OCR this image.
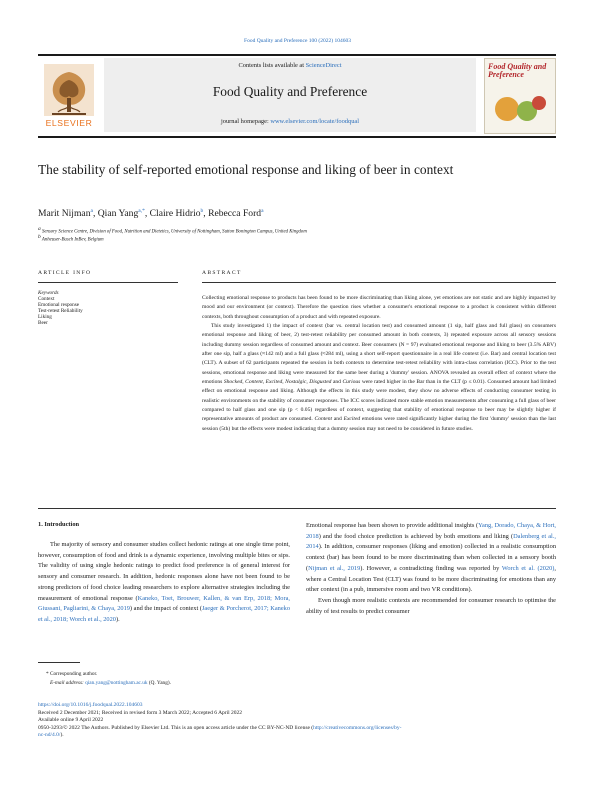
Food Quality and Preference 100 (2022) 104603
ELSEVIER
Contents lists available at ScienceDirect
Food Quality and Preference
journal homepage: www.elsevier.com/locate/foodqual
Food Quality and Preference
The stability of self-reported emotional response and liking of beer in context
Marit Nijman$^a$, Qian Yang$^{a,*}$, Claire Hidrio$^b$, Rebecca Ford$^a$
$^a$ Sensory Science Centre, Division of Food, Nutrition and Dietetics, University of Nottingham, Sutton Bonington Campus, United Kingdom
$^b$ Anheuser-Busch InBev, Belgium
ARTICLE INFO	ABSTRACT
Keywords
Context
Emotional response
Test-retest Reliability
Liking
Beer

Collecting emotional response to products has been found to be more discriminating than liking alone, yet emotions are not static and are highly impacted by mood and our environment (or context). Therefore the question rises whether a consumer's emotional response to a product is consistent within different contexts, both throughout consumption of a product and with repeated exposure.

This study investigated 1) the impact of context (bar vs. central location test) and consumed amount (1 sip, half glass and full glass) on consumers emotional response and liking of beer, 2) test-retest reliability per consumed amount in both contexts, 3) repeated exposure across all sensory sessions including dummy session regardless of consumed amount and context. Beer consumers (N = 97) evaluated emotional response and liking to beer (3.5% ABV) after one sip, half a glass (≈142 ml) and a full glass (≈284 ml), using a short self-report questionnaire in a real life context (i.e. Bar) and central location test (CLT). A subset of 62 participants repeated the session in both contexts to determine test-retest reliability with intra-class correlation (ICC). Prior to the test sessions, emotional response and liking were measured for the same beer during a 'dummy' session. ANOVA revealed an overall effect of context where the emotions Shocked, Content, Excited, Nostalgic, Disgusted and Curious were rated higher in the Bar than in the CLT (p ≤ 0.01). Consumed amount had limited effect on emotional response and liking. Although the effects in this study were modest, they show no adverse effects of conducting consumer testing in realistic environments on the stability of consumer responses. The ICC scores indicated more stable emotion measurements after consuming a full glass of beer compared to half glass and one sip (p < 0.05) regardless of context, suggesting that stability of emotional response to beer may be slightly higher if representative amounts of product are consumed. Content and Excited emotions were rated significantly higher during the first 'dummy' session than the last session (5th) but the effects were modest indicating that a dummy session may not need to be considered in future studies.

1. Introduction

The majority of sensory and consumer studies collect hedonic ratings at one single time point, however, consumption of food and drink is a dynamic experience, involving multiple bites or sips. The validity of using single hedonic ratings to predict food preference is of general interest for sensory and consumer research. In addition, hedonic responses alone have not been found to be strong predictors of food choice leading researchers to explore alternative strategies including the measurement of emotional response (Kaneko, Toet, Brouwer, Kallen, & van Erp, 2018; Mora, Giussani, Pagliarini, & Chaya, 2019) and the impact of context (Jaeger & Porcherot, 2017; Kaneko et al., 2018; Worch et al., 2020).

Emotional response has been shown to provide additional insights (Yang, Dorado, Chaya, & Hort, 2018) and the food choice prediction is achieved by both emotions and liking (Dalenberg et al., 2014). In addition, consumer responses (liking and emotion) collected in a realistic consumption context (bar) has been found to be more discriminating than when collected in a sensory booth (Nijman et al., 2019). However, a contradicting finding was reported by Worch et al. (2020), where a Central Location Test (CLT) was found to be more discriminating for emotions than any other context (in a pub, immersive room and two VR conditions).

Even though more realistic contexts are recommended for consumer research to optimise the ability of test results to predict consumer

* Corresponding author.
E-mail address: qian.yang@nottingham.ac.uk (Q. Yang).
https://doi.org/10.1016/j.foodqual.2022.104603
Received 2 December 2021; Received in revised form 3 March 2022; Accepted 6 April 2022
Available online 9 April 2022
0950-3293/© 2022 The Authors. Published by Elsevier Ltd. This is an open access article under the CC BY-NC-ND license (http://creativecommons.org/licenses/by-
nc-nd/4.0/).
